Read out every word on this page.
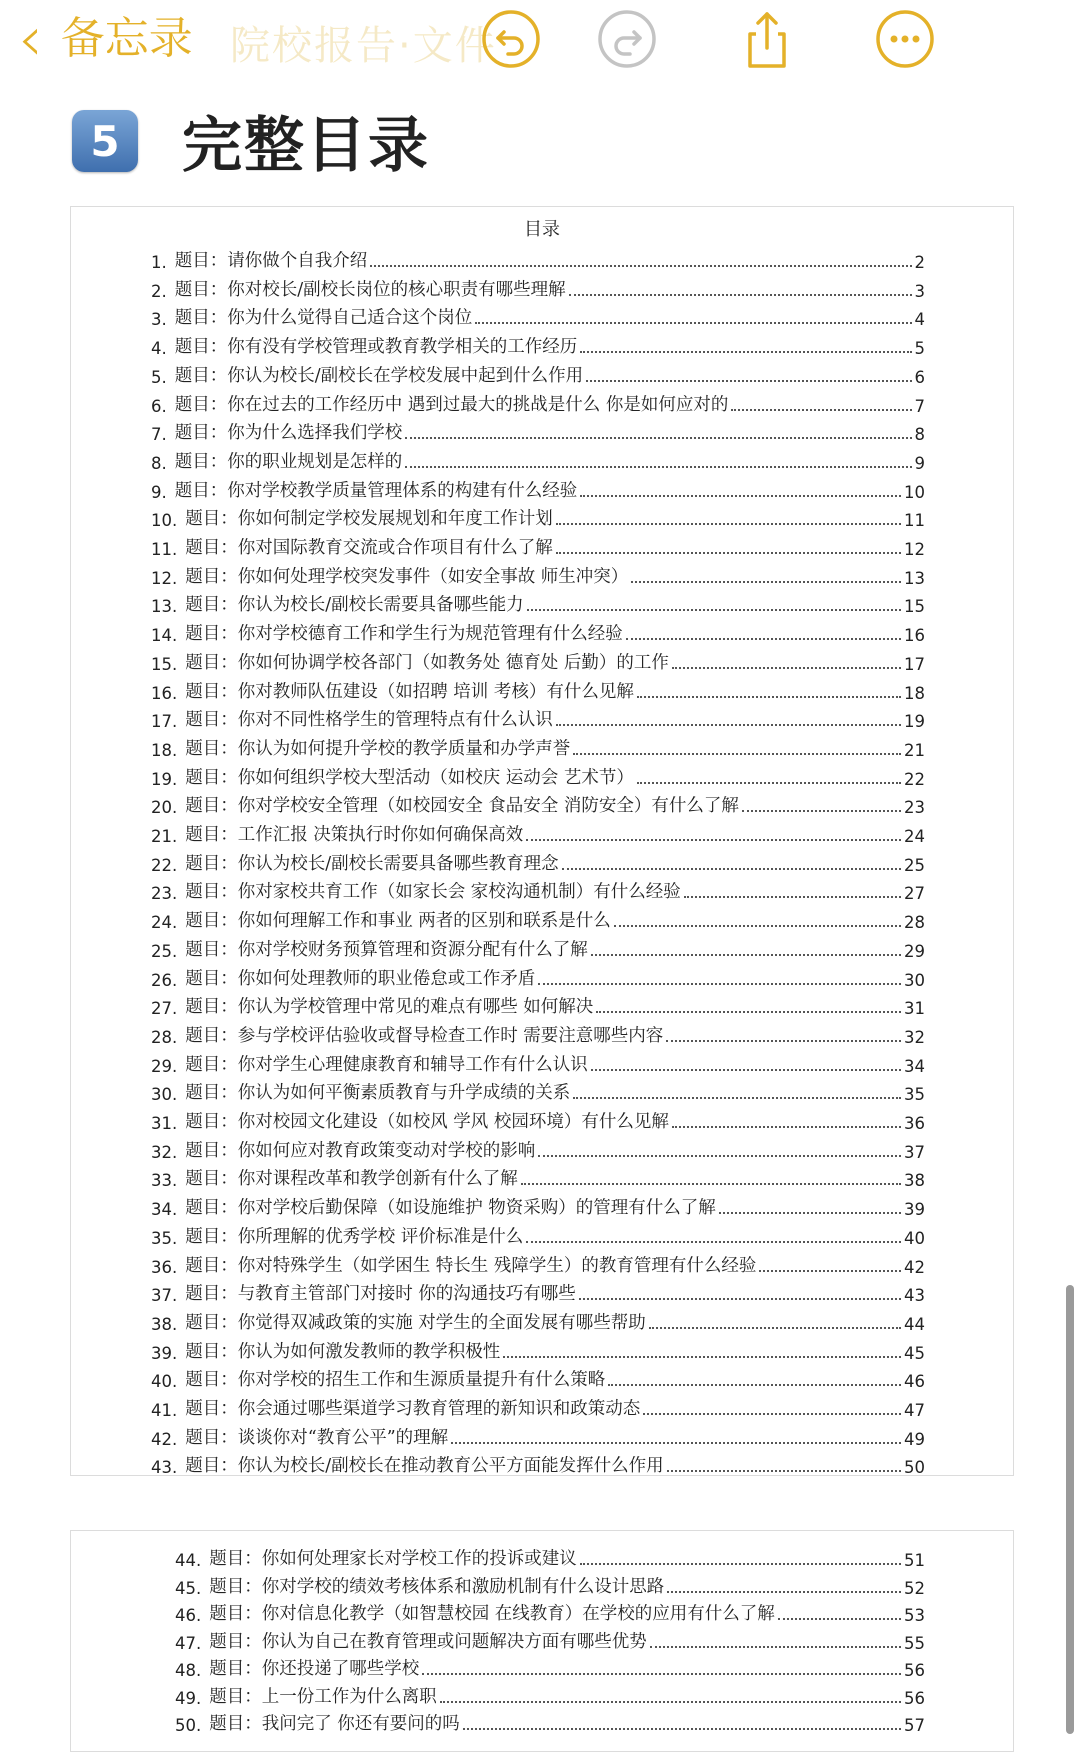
‹ 备忘录 院校报告·文件
5	完整目录
目录
1. 题目：请你做个自我介绍	2
2. 题目：你对校长/副校长岗位的核心职责有哪些理解	3
3. 题目：你为什么觉得自己适合这个岗位	4
4. 题目：你有没有学校管理或教育教学相关的工作经历	5
5. 题目：你认为校长/副校长在学校发展中起到什么作用	6
6. 题目：你在过去的工作经历中 遇到过最大的挑战是什么 你是如何应对的	7
7. 题目：你为什么选择我们学校	8
8. 题目：你的职业规划是怎样的	9
9. 题目：你对学校教学质量管理体系的构建有什么经验	10
10. 题目：你如何制定学校发展规划和年度工作计划	11
11. 题目：你对国际教育交流或合作项目有什么了解	12
12. 题目：你如何处理学校突发事件（如安全事故 师生冲突）	13
13. 题目：你认为校长/副校长需要具备哪些能力	15
14. 题目：你对学校德育工作和学生行为规范管理有什么经验	16
15. 题目：你如何协调学校各部门（如教务处 德育处 后勤）的工作	17
16. 题目：你对教师队伍建设（如招聘 培训 考核）有什么见解	18
17. 题目：你对不同性格学生的管理特点有什么认识	19
18. 题目：你认为如何提升学校的教学质量和办学声誉	21
19. 题目：你如何组织学校大型活动（如校庆 运动会 艺术节）	22
20. 题目：你对学校安全管理（如校园安全 食品安全 消防安全）有什么了解	23
21. 题目：工作汇报 决策执行时你如何确保高效	24
22. 题目：你认为校长/副校长需要具备哪些教育理念	25
23. 题目：你对家校共育工作（如家长会 家校沟通机制）有什么经验	27
24. 题目：你如何理解工作和事业 两者的区别和联系是什么	28
25. 题目：你对学校财务预算管理和资源分配有什么了解	29
26. 题目：你如何处理教师的职业倦怠或工作矛盾	30
27. 题目：你认为学校管理中常见的难点有哪些 如何解决	31
28. 题目：参与学校评估验收或督导检查工作时 需要注意哪些内容	32
29. 题目：你对学生心理健康教育和辅导工作有什么认识	34
30. 题目：你认为如何平衡素质教育与升学成绩的关系	35
31. 题目：你对校园文化建设（如校风 学风 校园环境）有什么见解	36
32. 题目：你如何应对教育政策变动对学校的影响	37
33. 题目：你对课程改革和教学创新有什么了解	38
34. 题目：你对学校后勤保障（如设施维护 物资采购）的管理有什么了解	39
35. 题目：你所理解的优秀学校 评价标准是什么	40
36. 题目：你对特殊学生（如学困生 特长生 残障学生）的教育管理有什么经验	42
37. 题目：与教育主管部门对接时 你的沟通技巧有哪些	43
38. 题目：你觉得双减政策的实施 对学生的全面发展有哪些帮助	44
39. 题目：你认为如何激发教师的教学积极性	45
40. 题目：你对学校的招生工作和生源质量提升有什么策略	46
41. 题目：你会通过哪些渠道学习教育管理的新知识和政策动态	47
42. 题目：谈谈你对“教育公平”的理解	49
43. 题目：你认为校长/副校长在推动教育公平方面能发挥什么作用	50
44. 题目：你如何处理家长对学校工作的投诉或建议	51
45. 题目：你对学校的绩效考核体系和激励机制有什么设计思路	52
46. 题目：你对信息化教学（如智慧校园 在线教育）在学校的应用有什么了解	53
47. 题目：你认为自己在教育管理或问题解决方面有哪些优势	55
48. 题目：你还投递了哪些学校	56
49. 题目：上一份工作为什么离职	56
50. 题目：我问完了 你还有要问的吗	57
